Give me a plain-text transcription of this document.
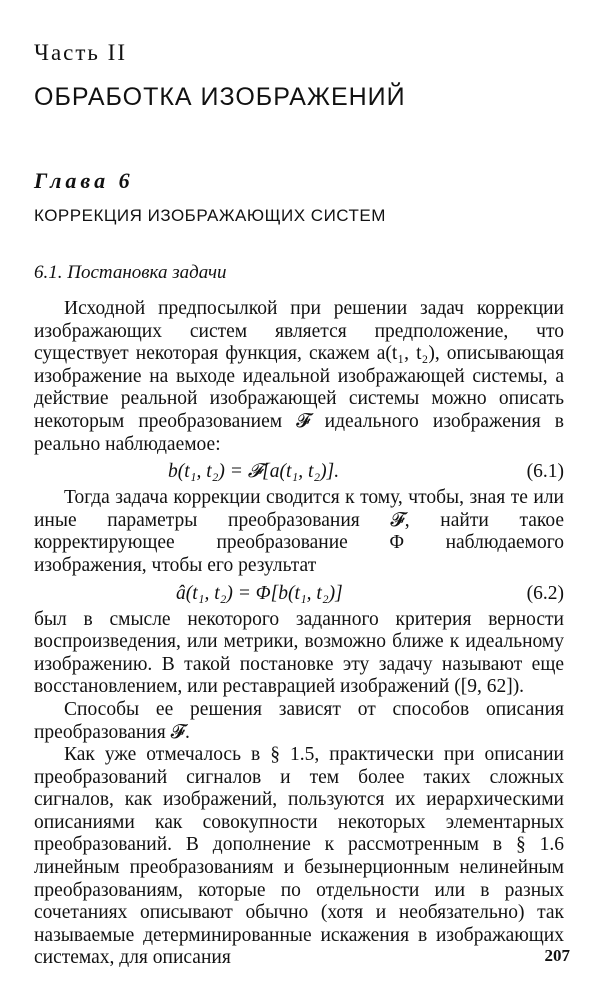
Часть II
ОБРАБОТКА ИЗОБРАЖЕНИЙ
Глава 6
КОРРЕКЦИЯ ИЗОБРАЖАЮЩИХ СИСТЕМ
6.1. Постановка задачи

Исходной предпосылкой при решении задач коррекции изображающих систем является предположение, что существует некоторая функция, скажем a(t₁, t₂), описывающая изображение на выходе идеальной изображающей системы, а действие реальной изображающей системы можно описать некоторым преобразованием 𝓕 идеального изображения в реально наблюдаемое:

b(t₁, t₂) = 𝓕[a(t₁, t₂)].	(6.1)

Тогда задача коррекции сводится к тому, чтобы, зная те или иные параметры преобразования 𝓕, найти такое корректирующее преобразование Φ наблюдаемого изображения, чтобы его результат

â(t₁, t₂) = Φ[b(t₁, t₂)]	(6.2)

был в смысле некоторого заданного критерия верности воспроизведения, или метрики, возможно ближе к идеальному изображению. В такой постановке эту задачу называют еще восстановлением, или реставрацией изображений ([9, 62]).

Способы ее решения зависят от способов описания преобразования 𝓕.

Как уже отмечалось в § 1.5, практически при описании преобразований сигналов и тем более таких сложных сигналов, как изображений, пользуются их иерархическими описаниями как совокупности некоторых элементарных преобразований. В дополнение к рассмотренным в § 1.6 линейным преобразованиям и безынерционным нелинейным преобразованиям, которые по отдельности или в разных сочетаниях описывают обычно (хотя и необязательно) так называемые детерминированные искажения в изображающих системах, для описания	207
